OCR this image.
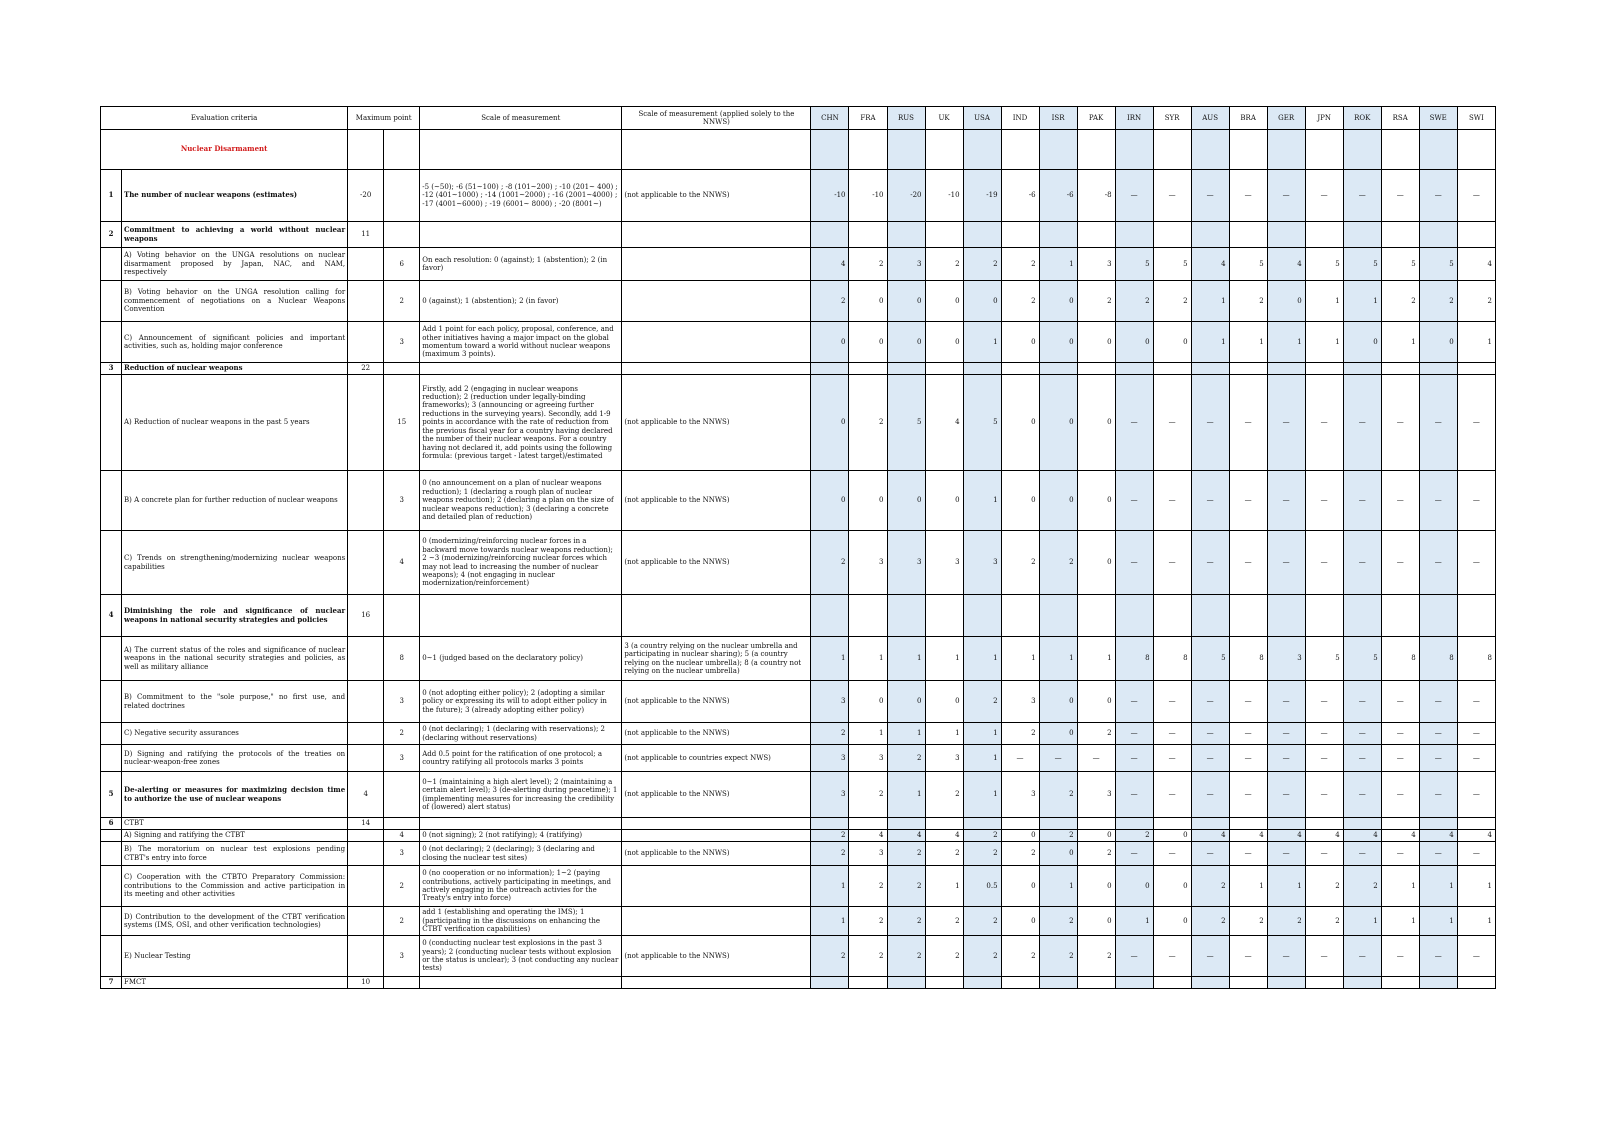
Evaluation criteria		Maximum point		Scale of measurement	Scale of measurement (applied solely to the NNWS)	CHN	FRA	RUS	UK	USA	IND	ISR	PAK	IRN	SYR	AUS	BRA	GER	JPN	ROK	RSA	SWE	SWI
Nuclear Disarmament																							
1	The number of nuclear weapons (estimates)	-20		-5 (~50); -6 (51~100) ; -8 (101~200) ; -10 (201~ 400) ; -12 (401~1000) ; -14 (1001~2000) ; -16 (2001~4000) ; -17 (4001~6000) ; -19 (6001~ 8000) ; -20 (8001~)	(not applicable to the NNWS)	-10	-10	-20	-10	-19	-6	-6	-8	—	—	—	—	—	—	—	—	—	—
2	Commitment to achieving a world without nuclear weapons	11																					
	A) Voting behavior on the UNGA resolutions on nuclear disarmament proposed by Japan, NAC, and NAM, respectively		6	On each resolution: 0 (against); 1 (abstention); 2 (in favor)		4	2	3	2	2	2	1	3	5	5	4	5	4	5	5	5	5	4
	B) Voting behavior on the UNGA resolution calling for commencement of negotiations on a Nuclear Weapons Convention		2	0 (against); 1 (abstention); 2 (in favor)		2	0	0	0	0	2	0	2	2	2	1	2	0	1	1	2	2	2
	C) Announcement of significant policies and important activities, such as, holding major conference		3	Add 1 point for each policy, proposal, conference, and other initiatives having a major impact on the global momentum toward a world without nuclear weapons (maximum 3 points).		0	0	0	0	1	0	0	0	0	0	1	1	1	1	0	1	0	1
3	Reduction of nuclear weapons	22																					
	A) Reduction of nuclear weapons in the past 5 years		15	Firstly, add 2 (engaging in nuclear weapons reduction); 2 (reduction under legally-binding frameworks); 3 (announcing or agreeing further reductions in the surveying years). Secondly, add 1-9 points in accordance with the rate of reduction from the previous fiscal year for a country having declared the number of their nuclear weapons. For a country having not declared it, add points using the following formula: (previous target - latest target)/estimated	(not applicable to the NNWS)	0	2	5	4	5	0	0	0	—	—	—	—	—	—	—	—	—	—
	B) A concrete plan for further reduction of nuclear weapons		3	0 (no announcement on a plan of nuclear weapons reduction); 1 (declaring a rough plan of nuclear weapons reduction); 2 (declaring a plan on the size of nuclear weapons reduction); 3 (declaring a concrete and detailed plan of reduction)	(not applicable to the NNWS)	0	0	0	0	1	0	0	0	—	—	—	—	—	—	—	—	—	—
	C) Trends on strengthening/modernizing nuclear weapons capabilities		4	0 (modernizing/reinforcing nuclear forces in a backward move towards nuclear weapons reduction); 2 ~3 (modernizing/reinforcing nuclear forces which may not lead to increasing the number of nuclear weapons); 4 (not engaging in nuclear modernization/reinforcement)	(not applicable to the NNWS)	2	3	3	3	3	2	2	0	—	—	—	—	—	—	—	—	—	—
4	Diminishing the role and significance of nuclear weapons in national security strategies and policies	16																					
	A) The current status of the roles and significance of nuclear weapons in the national security strategies and policies, as well as military alliance		8	0~1 (judged based on the declaratory policy)	3 (a country relying on the nuclear umbrella and participating in nuclear sharing); 5 (a country relying on the nuclear umbrella); 8 (a country not relying on the nuclear umbrella)	1	1	1	1	1	1	1	1	8	8	5	8	3	5	5	8	8	8
	B) Commitment to the "sole purpose," no first use, and related doctrines		3	0 (not adopting either policy); 2 (adopting a similar policy or expressing its will to adopt either policy in the future); 3 (already adopting either policy)	(not applicable to the NNWS)	3	0	0	0	2	3	0	0	—	—	—	—	—	—	—	—	—	—
	C) Negative security assurances		2	0 (not declaring); 1 (declaring with reservations); 2 (declaring without reservations)	(not applicable to the NNWS)	2	1	1	1	1	2	0	2	—	—	—	—	—	—	—	—	—	—
	D) Signing and ratifying the protocols of the treaties on nuclear-weapon-free zones		3	Add 0.5 point for the ratification of one protocol; a country ratifying all protocols marks 3 points	(not applicable to countries expect NWS)	3	3	2	3	1	—	—	—	—	—	—	—	—	—	—	—	—	—
5	De-alerting or measures for maximizing decision time to authorize the use of nuclear weapons	4		0~1 (maintaining a high alert level); 2 (maintaining a certain alert level); 3 (de-alerting during peacetime); 1 (implementing measures for increasing the credibility of (lowered) alert status)	(not applicable to the NNWS)	3	2	1	2	1	3	2	3	—	—	—	—	—	—	—	—	—	—
6	CTBT	14																					
	A) Signing and ratifying the CTBT		4	0 (not signing); 2 (not ratifying); 4 (ratifying)		2	4	4	4	2	0	2	0	2	0	4	4	4	4	4	4	4	4
	B) The moratorium on nuclear test explosions pending CTBT's entry into force		3	0 (not declaring); 2 (declaring); 3 (declaring and closing the nuclear test sites)	(not applicable to the NNWS)	2	3	2	2	2	2	0	2	—	—	—	—	—	—	—	—	—	—
	C) Cooperation with the CTBTO Preparatory Commission: contributions to the Commission and active participation in its meeting and other activities		2	0 (no cooperation or no information); 1~2 (paying contributions, actively participating in meetings, and actively engaging in the outreach activies for the Treaty's entry into force)		1	2	2	1	0.5	0	1	0	0	0	2	1	1	2	2	1	1	1
	D) Contribution to the development of the CTBT verification systems (IMS, OSI, and other verification technologies)		2	add 1 (establishing and operating the IMS); 1 (participating in the discussions on enhancing the CTBT verification capabilities)		1	2	2	2	2	0	2	0	1	0	2	2	2	2	1	1	1	1
	E) Nuclear Testing		3	0 (conducting nuclear test explosions in the past 3 years); 2 (conducting nuclear tests without explosion or the status is unclear); 3 (not conducting any nuclear tests)	(not applicable to the NNWS)	2	2	2	2	2	2	2	2	—	—	—	—	—	—	—	—	—	—
7	FMCT	10																					
